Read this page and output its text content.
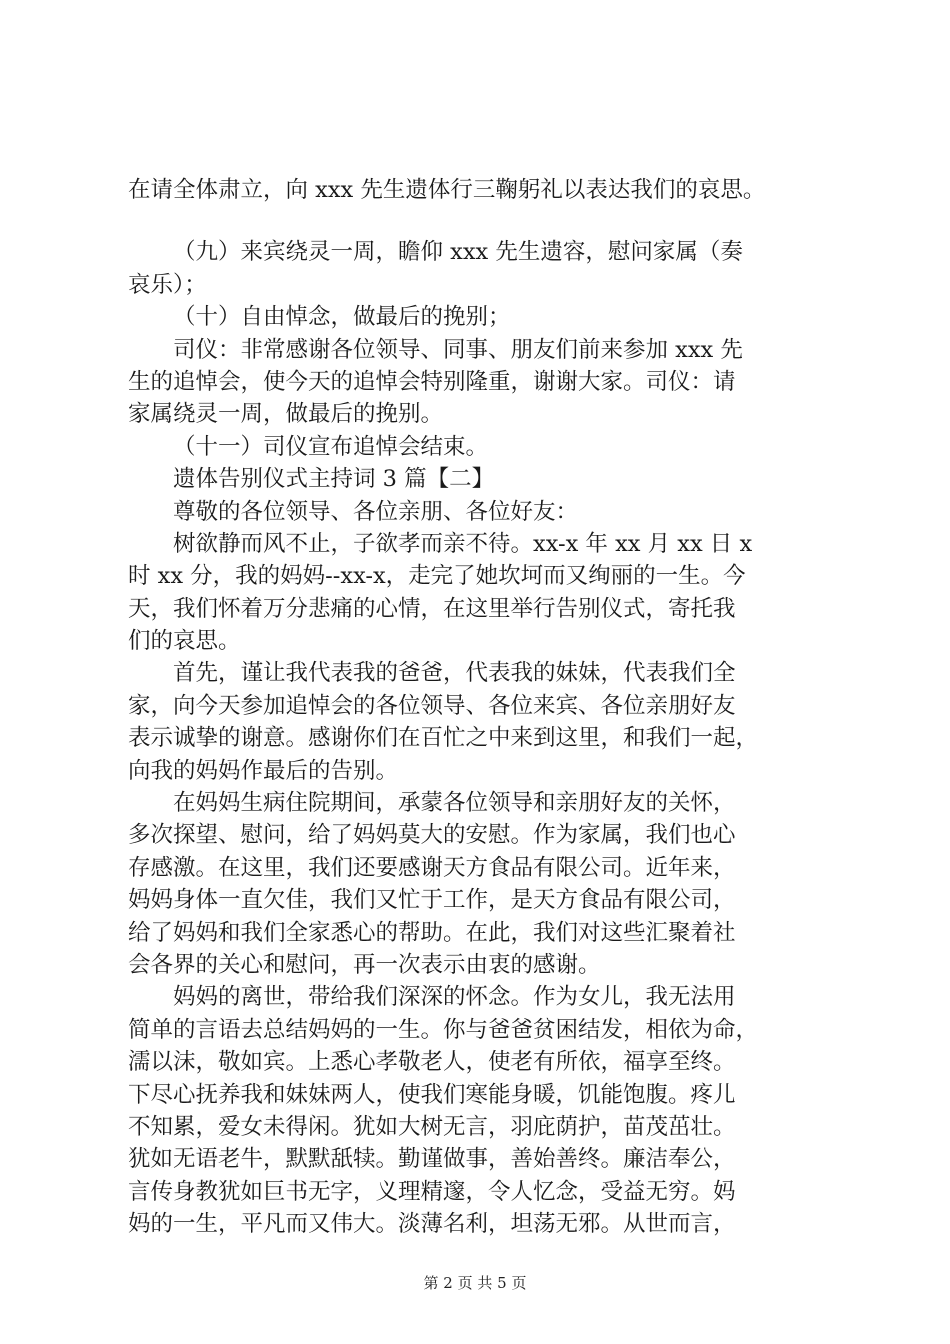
在请全体肃立，向 xxx 先生遗体行三鞠躬礼以表达我们的哀思。
（九）来宾绕灵一周，瞻仰 xxx 先生遗容，慰问家属（奏
哀乐）；
（十）自由悼念，做最后的挽别；
司仪：非常感谢各位领导、同事、朋友们前来参加 xxx 先
生的追悼会，使今天的追悼会特别隆重，谢谢大家。司仪：请
家属绕灵一周，做最后的挽别。
（十一）司仪宣布追悼会结束。
遗体告别仪式主持词 3 篇【二】
尊敬的各位领导、各位亲朋、各位好友：
树欲静而风不止，子欲孝而亲不待。xx-x 年 xx 月 xx 日 x
时 xx 分，我的妈妈--xx-x，走完了她坎坷而又绚丽的一生。今
天，我们怀着万分悲痛的心情，在这里举行告别仪式，寄托我
们的哀思。
首先，谨让我代表我的爸爸，代表我的妹妹，代表我们全
家，向今天参加追悼会的各位领导、各位来宾、各位亲朋好友
表示诚挚的谢意。感谢你们在百忙之中来到这里，和我们一起，
向我的妈妈作最后的告别。
在妈妈生病住院期间，承蒙各位领导和亲朋好友的关怀，
多次探望、慰问，给了妈妈莫大的安慰。作为家属，我们也心
存感激。在这里，我们还要感谢天方食品有限公司。近年来，
妈妈身体一直欠佳，我们又忙于工作，是天方食品有限公司，
给了妈妈和我们全家悉心的帮助。在此，我们对这些汇聚着社
会各界的关心和慰问，再一次表示由衷的感谢。
妈妈的离世，带给我们深深的怀念。作为女儿，我无法用
简单的言语去总结妈妈的一生。你与爸爸贫困结发，相依为命，
濡以沫，敬如宾。上悉心孝敬老人，使老有所依，福享至终。
下尽心抚养我和妹妹两人，使我们寒能身暖，饥能饱腹。疼儿
不知累，爱女未得闲。犹如大树无言，羽庇荫护，苗茂茁壮。
犹如无语老牛，默默舐犊。勤谨做事，善始善终。廉洁奉公，
言传身教犹如巨书无字，义理精邃，令人忆念，受益无穷。妈
妈的一生，平凡而又伟大。淡薄名利，坦荡无邪。从世而言，
第 2 页 共 5 页
